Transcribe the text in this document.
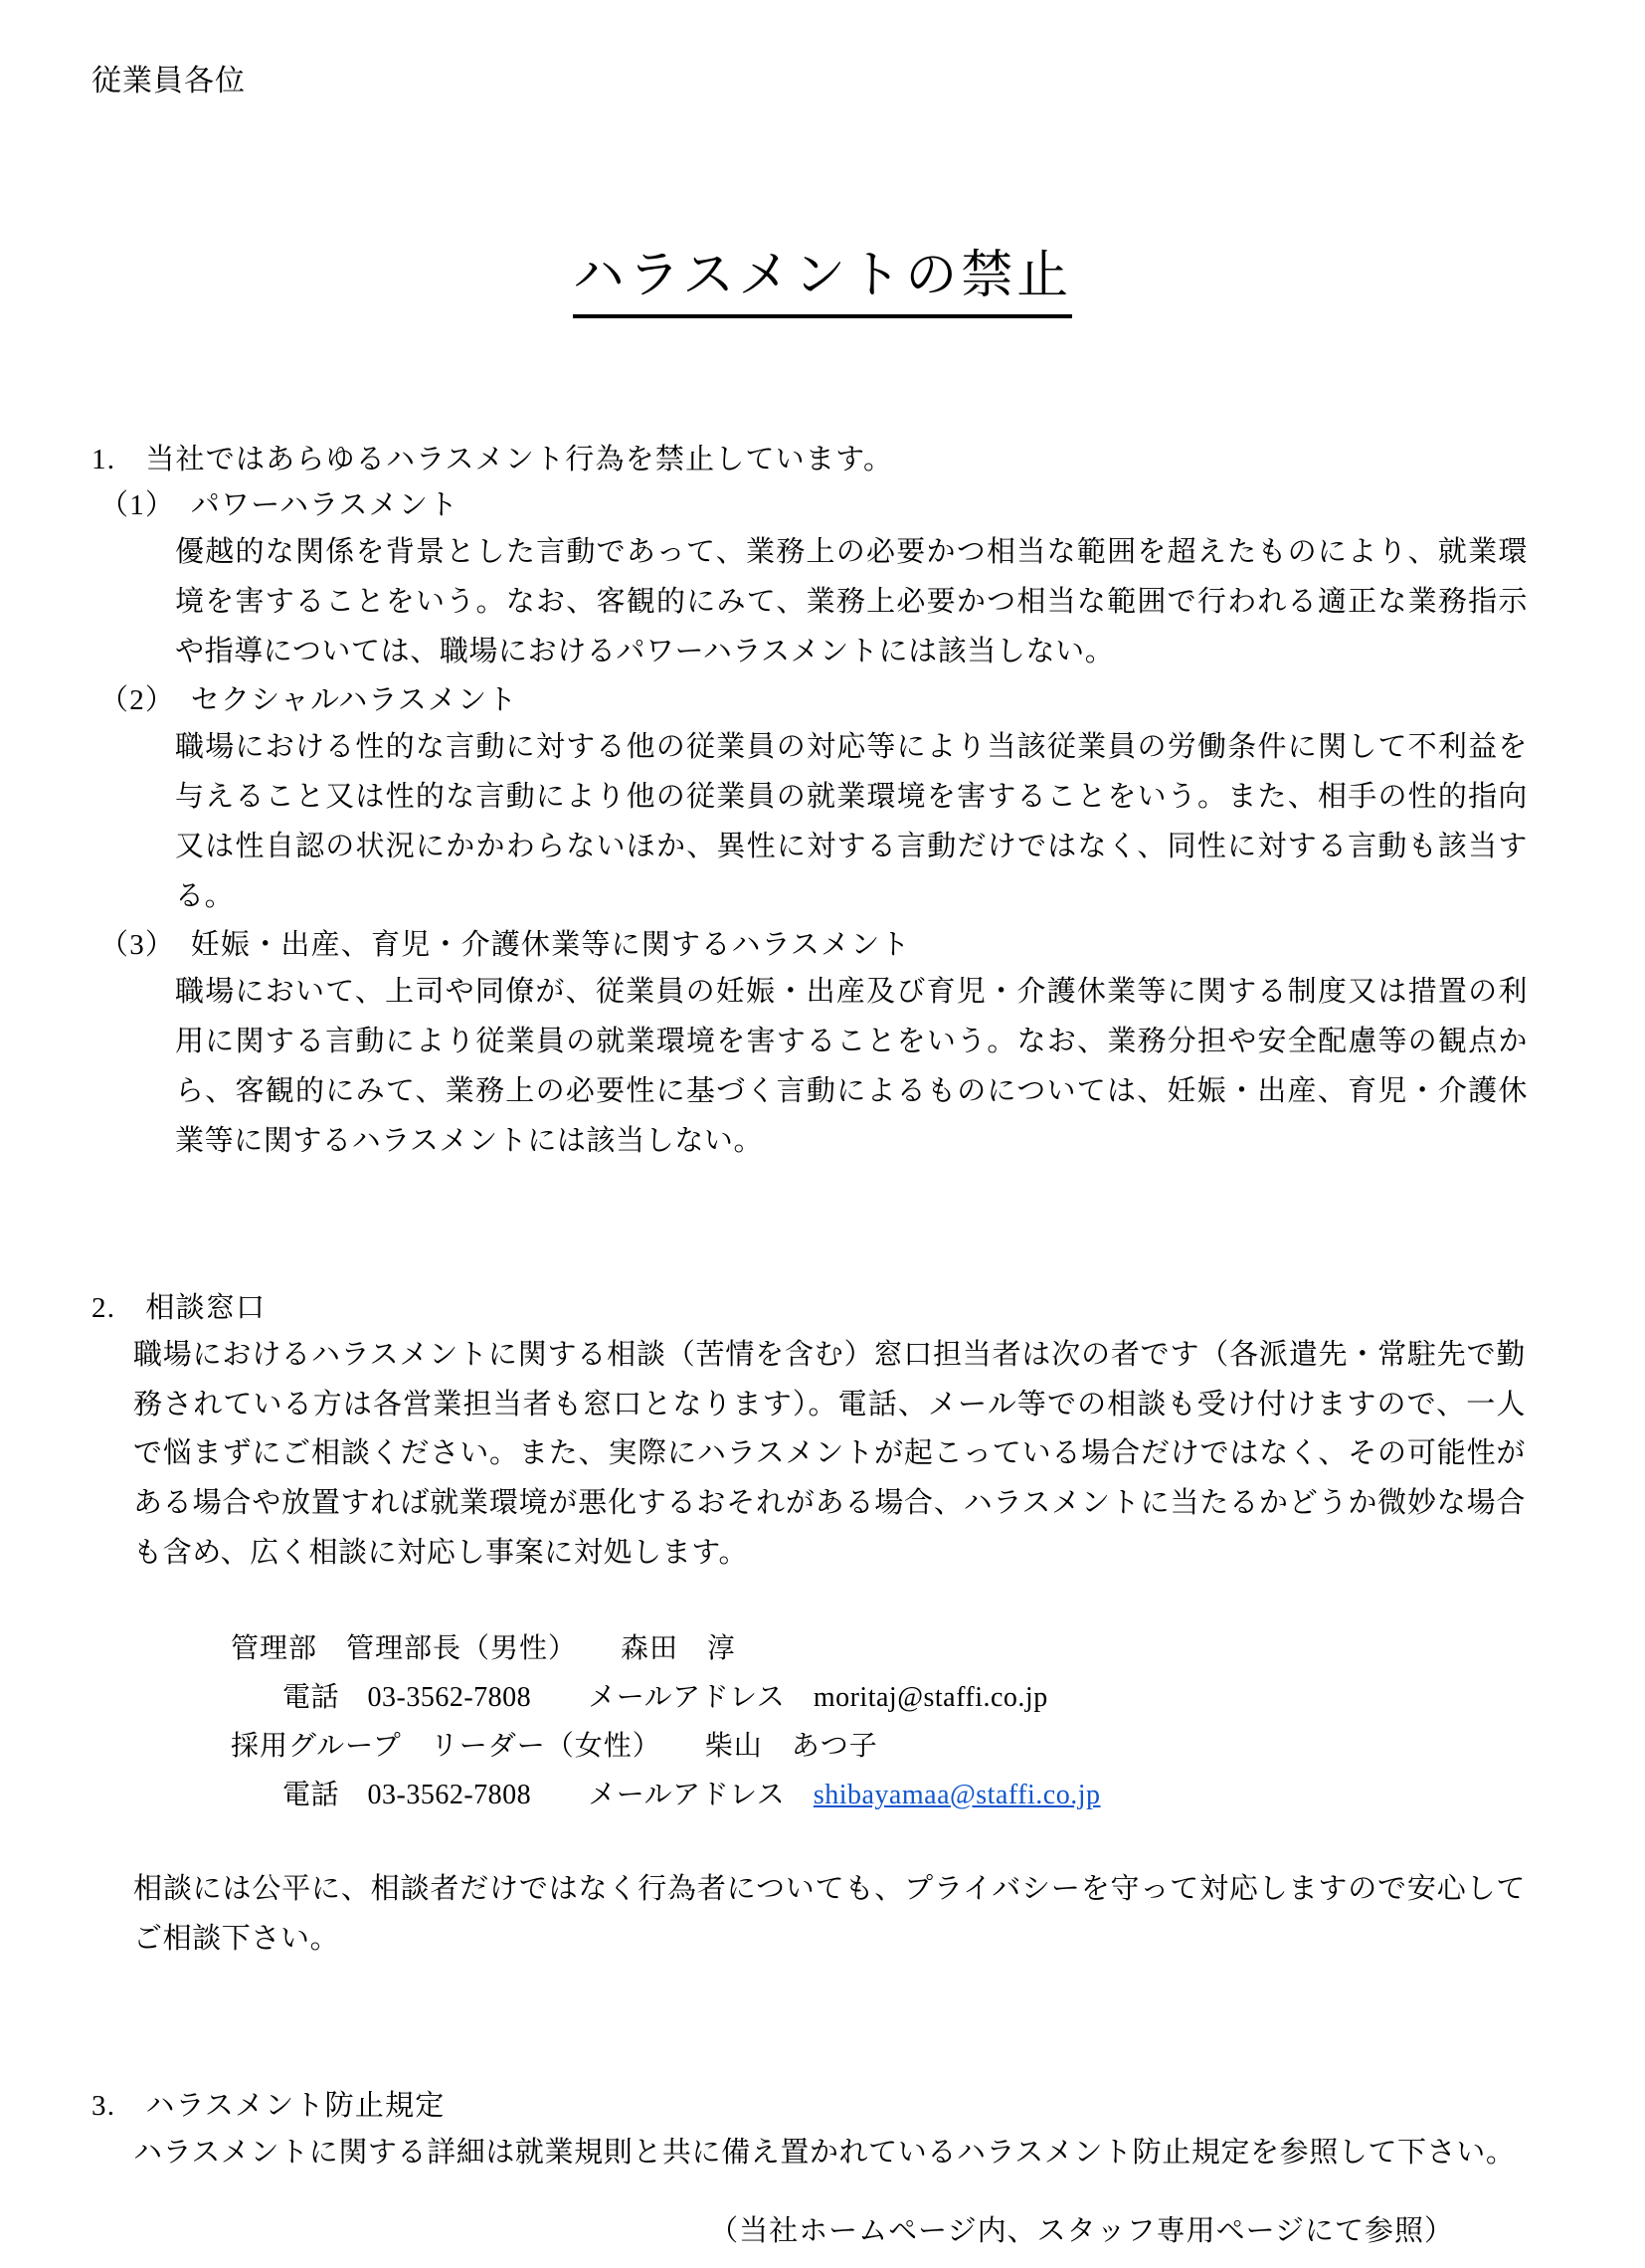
従業員各位
ハラスメントの禁止

1.　当社ではあらゆるハラスメント行為を禁止しています。

（1）　パワーハラスメント

優越的な関係を背景とした言動であって、業務上の必要かつ相当な範囲を超えたものにより、就業環境を害することをいう。なお、客観的にみて、業務上必要かつ相当な範囲で行われる適正な業務指示や指導については、職場におけるパワーハラスメントには該当しない。

（2）　セクシャルハラスメント

職場における性的な言動に対する他の従業員の対応等により当該従業員の労働条件に関して不利益を与えること又は性的な言動により他の従業員の就業環境を害することをいう。また、相手の性的指向又は性自認の状況にかかわらないほか、異性に対する言動だけではなく、同性に対する言動も該当する。

（3）　妊娠・出産、育児・介護休業等に関するハラスメント

職場において、上司や同僚が、従業員の妊娠・出産及び育児・介護休業等に関する制度又は措置の利用に関する言動により従業員の就業環境を害することをいう。なお、業務分担や安全配慮等の観点から、客観的にみて、業務上の必要性に基づく言動によるものについては、妊娠・出産、育児・介護休業等に関するハラスメントには該当しない。

2.　相談窓口

職場におけるハラスメントに関する相談（苦情を含む）窓口担当者は次の者です（各派遣先・常駐先で勤務されている方は各営業担当者も窓口となります）。電話、メール等での相談も受け付けますので、一人で悩まずにご相談ください。また、実際にハラスメントが起こっている場合だけではなく、その可能性がある場合や放置すれば就業環境が悪化するおそれがある場合、ハラスメントに当たるかどうか微妙な場合も含め、広く相談に対応し事案に対処します。

管理部　管理部長（男性）　　森田　淳
電話　 03-3562-7808　　 メールアドレス　 moritaj@staffi.co.jp
採用グループ　リーダー（女性）　　柴山　あつ子
電話　 03-3562-7808　　 メールアドレス　 shibayamaa@staffi.co.jp

相談には公平に、相談者だけではなく行為者についても、プライバシーを守って対応しますので安心してご相談下さい。

3.　ハラスメント防止規定

ハラスメントに関する詳細は就業規則と共に備え置かれているハラスメント防止規定を参照して下さい。

（当社ホームページ内、スタッフ専用ページにて参照）
